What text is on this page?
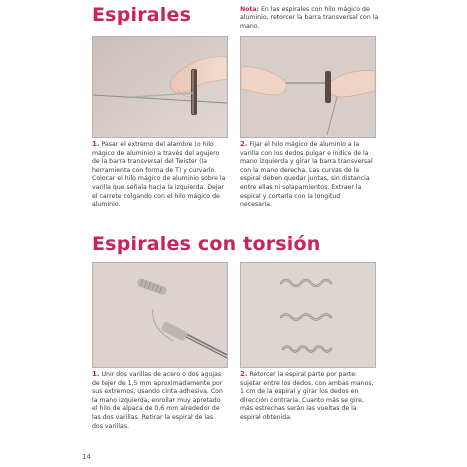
Espirales	Nota: En las espirales con hilo mágico de aluminio, retorcer la barra transversal con la mano.
1. Pasar el extremo del alambre (o hilo mágico de aluminio) a través del agujero de la barra transversal del Twister (la herramienta con forma de T) y curvarlo. Colocar el hilo mágico de aluminio sobre la varilla que señala hacia la izquierda. Dejar el carrete colgando con el hilo mágico de aluminio.
2. Fijar el hilo mágico de aluminio a la varilla con los dedos pulgar e índice de la mano izquierda y girar la barra transversal con la mano derecha. Las curvas de la espiral deben quedar juntas, sin distancia entre ellas ni solapamientos. Extraer la espiral y cortarla con la longitud necesaria.
Espirales con torsión
1. Unir dos varillas de acero o dos agujas de tejer de 1,5 mm aproximadamente por sus extremos, usando cinta adhesiva. Con la mano izquierda, enrollar muy apretado el hilo de alpaca de 0,6 mm alrededor de las dos varillas. Retirar la espiral de las dos varillas.
2. Retorcer la espiral parte por parte: sujetar entre los dedos, con ambas manos, 1 cm de la espiral y girar los dedos en dirección contraria. Cuanto más se gire, más estrechas serán las vueltas de la espiral obtenida.
14
